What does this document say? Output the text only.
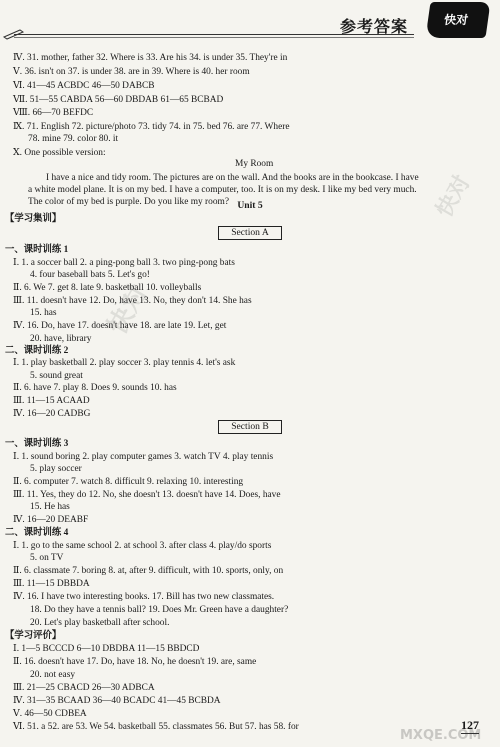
参考答案	快对
Ⅳ. 31. mother, father 32. Where is 33. Are his 34. is under 35. They're in
Ⅴ. 36. isn't on 37. is under 38. are in 39. Where is 40. her room
Ⅵ. 41—45 ACBDC 46—50 DABCB
Ⅶ. 51—55 CABDA 56—60 DBDAB 61—65 BCBAD
Ⅷ. 66—70 BEFDC
Ⅸ. 71. English 72. picture/photo 73. tidy 74. in 75. bed 76. are 77. Where
78. mine 79. color 80. it
Ⅹ. One possible version:
My Room
I have a nice and tidy room. The pictures are on the wall. And the books are in the bookcase. I have
a white model plane. It is on my bed. I have a computer, too. It is on my desk. I like my bed very much.
The color of my bed is purple. Do you like my room?
【学习集训】
一、课时训练 1
Ⅰ. 1. a soccer ball 2. a ping-pong ball 3. two ping-pong bats
4. four baseball bats 5. Let's go!
Ⅱ. 6. We 7. get 8. late 9. basketball 10. volleyballs
Ⅲ. 11. doesn't have 12. Do, have 13. No, they don't 14. She has
15. has
Ⅳ. 16. Do, have 17. doesn't have 18. are late 19. Let, get
20. have, library
二、课时训练 2
Ⅰ. 1. play basketball 2. play soccer 3. play tennis 4. let's ask
5. sound great
Ⅱ. 6. have 7. play 8. Does 9. sounds 10. has
Ⅲ. 11—15 ACAAD
Ⅳ. 16—20 CADBG
一、课时训练 3
Ⅰ. 1. sound boring 2. play computer games 3. watch TV 4. play tennis
5. play soccer
Ⅱ. 6. computer 7. watch 8. difficult 9. relaxing 10. interesting
Ⅲ. 11. Yes, they do 12. No, she doesn't 13. doesn't have 14. Does, have
15. He has
Ⅳ. 16—20 DEABF
二、课时训练 4
Ⅰ. 1. go to the same school 2. at school 3. after class 4. play/do sports
5. on TV
Ⅱ. 6. classmate 7. boring 8. at, after 9. difficult, with 10. sports, only, on
Ⅲ. 11—15 DBBDA
Ⅳ. 16. I have two interesting books. 17. Bill has two new classmates.
18. Do they have a tennis ball? 19. Does Mr. Green have a daughter?
20. Let's play basketball after school.
【学习评价】
Ⅰ. 1—5 BCCCD 6—10 DBDBA 11—15 BBDCD
Ⅱ. 16. doesn't have 17. Do, have 18. No, he doesn't 19. are, same
20. not easy
Ⅲ. 21—25 CBACD 26—30 ADBCA
Ⅳ. 31—35 BCAAD 36—40 BCADC 41—45 BCBDA
Ⅴ. 46—50 CDBEA
Ⅵ. 51. a 52. are 53. We 54. basketball 55. classmates 56. But 57. has 58. for
Unit 5
Section A
Section B
快对
快对
MXQE.COM
127
